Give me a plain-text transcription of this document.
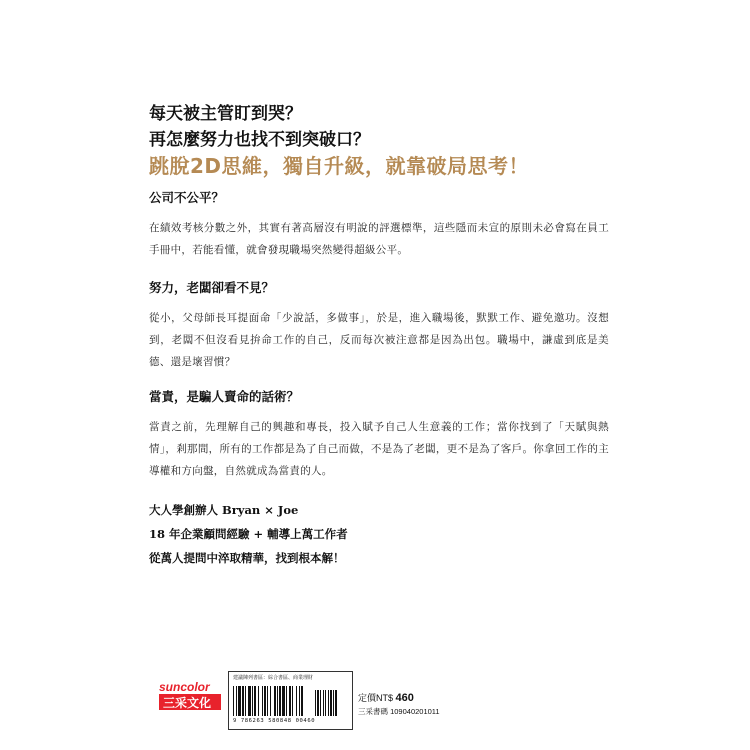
每天被主管盯到哭？
再怎麼努力也找不到突破口？
跳脫2D思維，獨自升級，就靠破局思考！
公司不公平？

在績效考核分數之外，其實有著高層沒有明說的評選標準，這些隱而未宣的原則未必會寫在員工手冊中，若能看懂，就會發現職場突然變得超級公平。

努力，老闆卻看不見？

從小，父母師長耳提面命「少說話，多做事」，於是，進入職場後，默默工作、避免邀功。沒想到，老闆不但沒看見拚命工作的自己，反而每次被注意都是因為出包。職場中，謙虛到底是美德、還是壞習慣？

當責，是騙人賣命的話術？

當責之前，先理解自己的興趣和專長，投入賦予自己人生意義的工作；當你找到了「天賦與熱情」，剎那間，所有的工作都是為了自己而做，不是為了老闆，更不是為了客戶。你拿回工作的主導權和方向盤，自然就成為當責的人。

大人學創辦人 Bryan × Joe
18 年企業顧問經驗 + 輔導上萬工作者
從萬人提問中淬取精華，找到根本解！
suncolor
三采文化
建議陳列書區：綜合書區、商業理財
9 786263 580848 00460
定價NT$ 460
三采書碼 109040201011
